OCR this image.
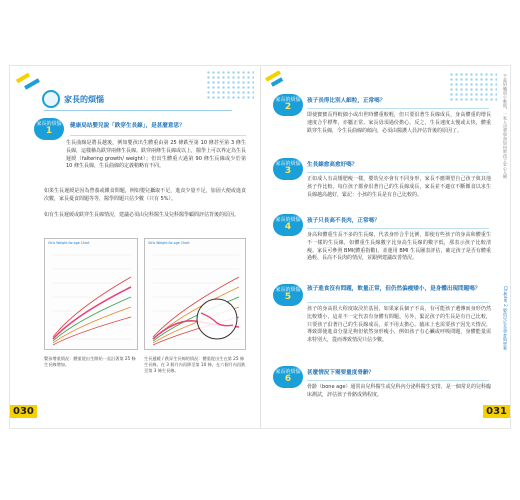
家長的煩惱
家長的煩惱
1	健康局站嬰兒說「跌穿生長線」，是甚麼意思？
生長曲線是將長越後，例如嬰孩出生體重由第 25 條跌至第 10 條甚至第 3 條生長線，這樣稱為跌穿兩條生長線。跌穿兩條生長線或以上，醫學上可以界定為生長遲緩（faltering growth/ weight）；但出生體重大過第 90 條生長線或少於第 10 條生長線，生長曲線的定義稍略有不同。
如果生長遲緩是因為營養或餵食問題，例如嬰兒攝取不足，進食少量不足，加固大便或進食次數，家長憂食問題等等，醫學問題只佔少數（只有 5%）。
如有生長遲緩或跌穿生長線情況，建議必須由兒科醫生及兒科醫學顧問評估背後的原因。
Girls Weight-for-age Chart	Girls Weight-for-age Chart
嬰孩增重情況：體重從出生開始一直沿著第 25 條生長線增加。
生長遲緩 / 跌穿生長線的情況：體重從出生在第 25 條生長線，在 3 個月內再降至第 10 條，在六個月內再跌至第 3 條生長線。
030
千萬奶嘴別小瞧他，一家人也要學習如何哄孩子安心入睡
Chapter 2 嬰幼兒生長發育與營養
家長的煩惱
2
孩子長得比別人細粒，正常嗎？
即使寶寶長得較細小或出世時體重較輕，但只要沿著生長線成長，身高體重的增長速度合乎標準，亦屬正常。家長毋須過份擔心。反之，生長速度太慢或太快，體重跌穿生長線，令生長曲線的傾向，必須由醫護人員評估背後的原因了。
家長的煩惱
3
生長線愈高愈好嗎？
正如成人有高矮肥瘦一樣，嬰幼兒亦會有不同身形，家長不應期望自己孩子與其他孩子作比較。每位孩子都會沿著自己的生長線成長，家長並不適宜不斷餵食以求生長線越高越好，緊記：小孩的生長是有自己比較的。
家長的煩惱
4
孩子只長高不長肉，正常嗎？
身高和體重生長不多的生長線，代表身形合乎比例，即使有些孩子的身高和體重生不一樣的生長線，如體重生長線數字比身高生長線的數字低，那表示孩子比較清瘦。家長可參照 BMI(體重指數)，並運用 BMI 生長圖表評估，確定孩子是否有體重過輕、長高不長肉的情況，並跟例建議改善情況。
家長的煩惱
5
孩子進食沒有問題，飲量正常，但仍然偏瘦矮小，是身體出現問題嗎？
孩子的身高很大程度取決於基因，如果家長個子不高，有可能孩子遺傳而身形仍然比較矮小，這並不一定代表有身體有問題。另外，緊記孩子的生長是有自己比較，只要孩子沿著自己的生長線成長，並不用太擔心。臨床上也需要孩子因先天情況，導致即使進食分量足夠但依然身形瘦小，例如孩子有心臟或呼吸問題，身體能量需求特別大，從而導致情況只佔少數。
家長的煩惱
6
甚麼情況下需要量度骨齡？
骨齡（bone age）通常由兒科醫生或兒科內分泌科醫生安排，是一個常見的兒科臨床測試，評估孩子骨骼成熟程度。
031
